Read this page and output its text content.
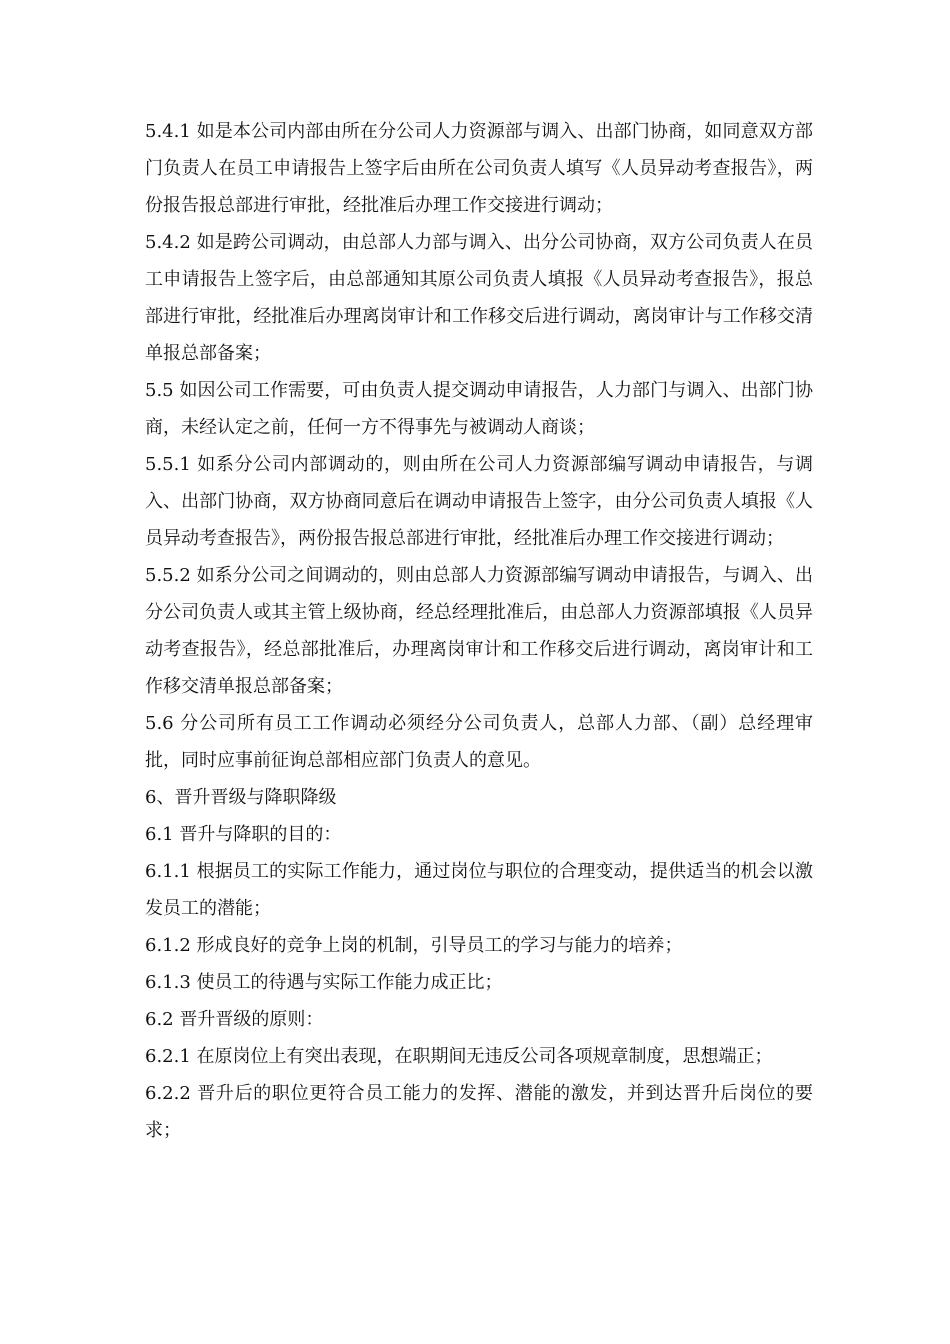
5.4.1 如是本公司内部由所在分公司人力资源部与调入、出部门协商，如同意双方部门负责人在员工申请报告上签字后由所在公司负责人填写《人员异动考查报告》，两份报告报总部进行审批，经批准后办理工作交接进行调动；

5.4.2 如是跨公司调动，由总部人力部与调入、出分公司协商，双方公司负责人在员工申请报告上签字后，由总部通知其原公司负责人填报《人员异动考查报告》，报总部进行审批，经批准后办理离岗审计和工作移交后进行调动，离岗审计与工作移交清单报总部备案；

5.5 如因公司工作需要，可由负责人提交调动申请报告，人力部门与调入、出部门协商，未经认定之前，任何一方不得事先与被调动人商谈；

5.5.1 如系分公司内部调动的，则由所在公司人力资源部编写调动申请报告，与调入、出部门协商，双方协商同意后在调动申请报告上签字，由分公司负责人填报《人员异动考查报告》，两份报告报总部进行审批，经批准后办理工作交接进行调动；

5.5.2 如系分公司之间调动的，则由总部人力资源部编写调动申请报告，与调入、出分公司负责人或其主管上级协商，经总经理批准后，由总部人力资源部填报《人员异动考查报告》，经总部批准后，办理离岗审计和工作移交后进行调动，离岗审计和工作移交清单报总部备案；

5.6 分公司所有员工工作调动必须经分公司负责人，总部人力部、（副）总经理审批，同时应事前征询总部相应部门负责人的意见。

6、晋升晋级与降职降级

6.1 晋升与降职的目的：

6.1.1 根据员工的实际工作能力，通过岗位与职位的合理变动，提供适当的机会以激发员工的潜能；

6.1.2 形成良好的竞争上岗的机制，引导员工的学习与能力的培养；

6.1.3 使员工的待遇与实际工作能力成正比；

6.2 晋升晋级的原则：

6.2.1 在原岗位上有突出表现，在职期间无违反公司各项规章制度，思想端正；

6.2.2 晋升后的职位更符合员工能力的发挥、潜能的激发，并到达晋升后岗位的要求；
